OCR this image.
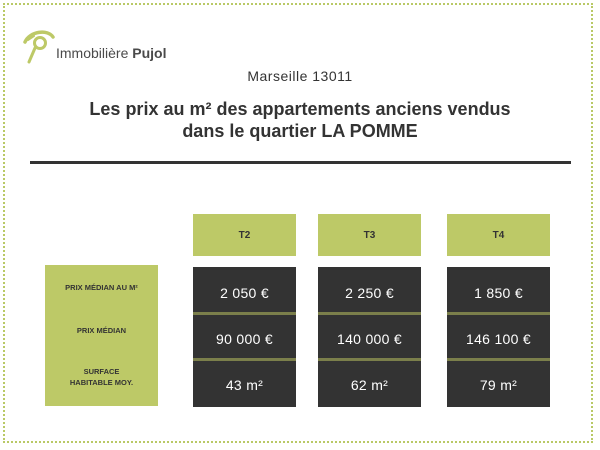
Immobilière Pujol
Marseille 13011
Les prix au m² des appartements anciens vendus
dans le quartier LA POMME
T2	T3	T4
PRIX MÉDIAN AU M²
PRIX MÉDIAN
SURFACE
HABITABLE MOY.
2 050 €
90 000 €
43 m²
2 250 €
140 000 €
62 m²
1 850 €
146 100 €
79 m²
